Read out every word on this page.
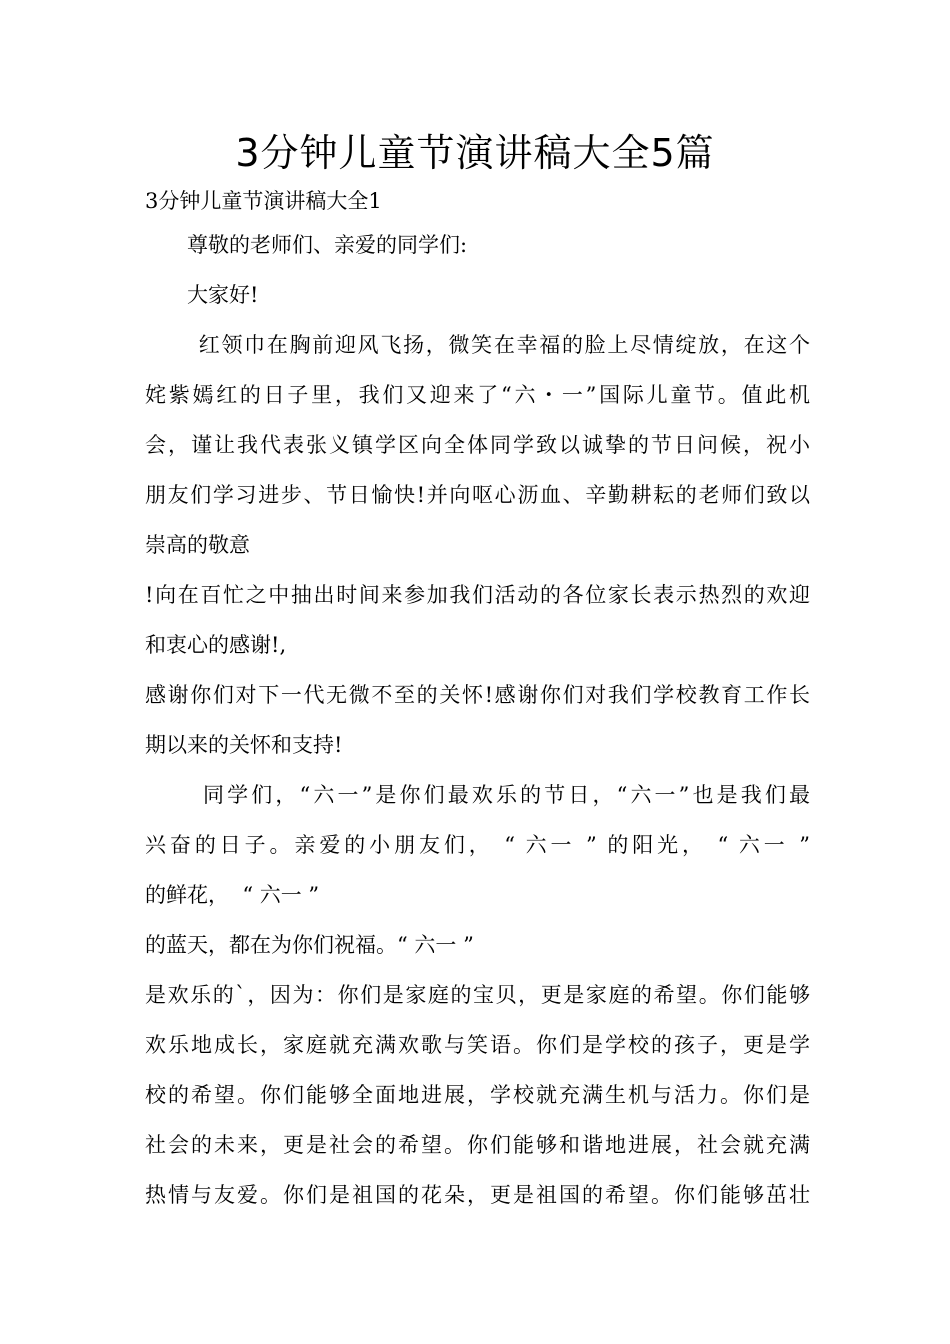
3分钟儿童节演讲稿大全5篇
3分钟儿童节演讲稿大全1
　　尊敬的老师们、亲爱的同学们:
　　大家好!
　　 红领巾在胸前迎风飞扬，微笑在幸福的脸上尽情绽放，在这个
姹紫嫣红的日子里，我们又迎来了“六・一”国际儿童节。值此机
会，谨让我代表张义镇学区向全体同学致以诚挚的节日问候，祝小
朋友们学习进步、节日愉快!并向呕心沥血、辛勤耕耘的老师们致以
崇高的敬意
!向在百忙之中抽出时间来参加我们活动的各位家长表示热烈的欢迎
和衷心的感谢!,
感谢你们对下一代无微不至的关怀!感谢你们对我们学校教育工作长
期以来的关怀和支持!
　　 同学们，“六一”是你们最欢乐的节日，“六一”也是我们最
兴奋的日子。亲爱的小朋友们， “ 六一 ” 的阳光， “ 六一 ”
的鲜花，  “ 六一 ”
的蓝天，都在为你们祝福。“ 六一 ”
是欢乐的`，因为：你们是家庭的宝贝，更是家庭的希望。你们能够
欢乐地成长，家庭就充满欢歌与笑语。你们是学校的孩子，更是学
校的希望。你们能够全面地进展，学校就充满生机与活力。你们是
社会的未来，更是社会的希望。你们能够和谐地进展，社会就充满
热情与友爱。你们是祖国的花朵，更是祖国的希望。你们能够茁壮
